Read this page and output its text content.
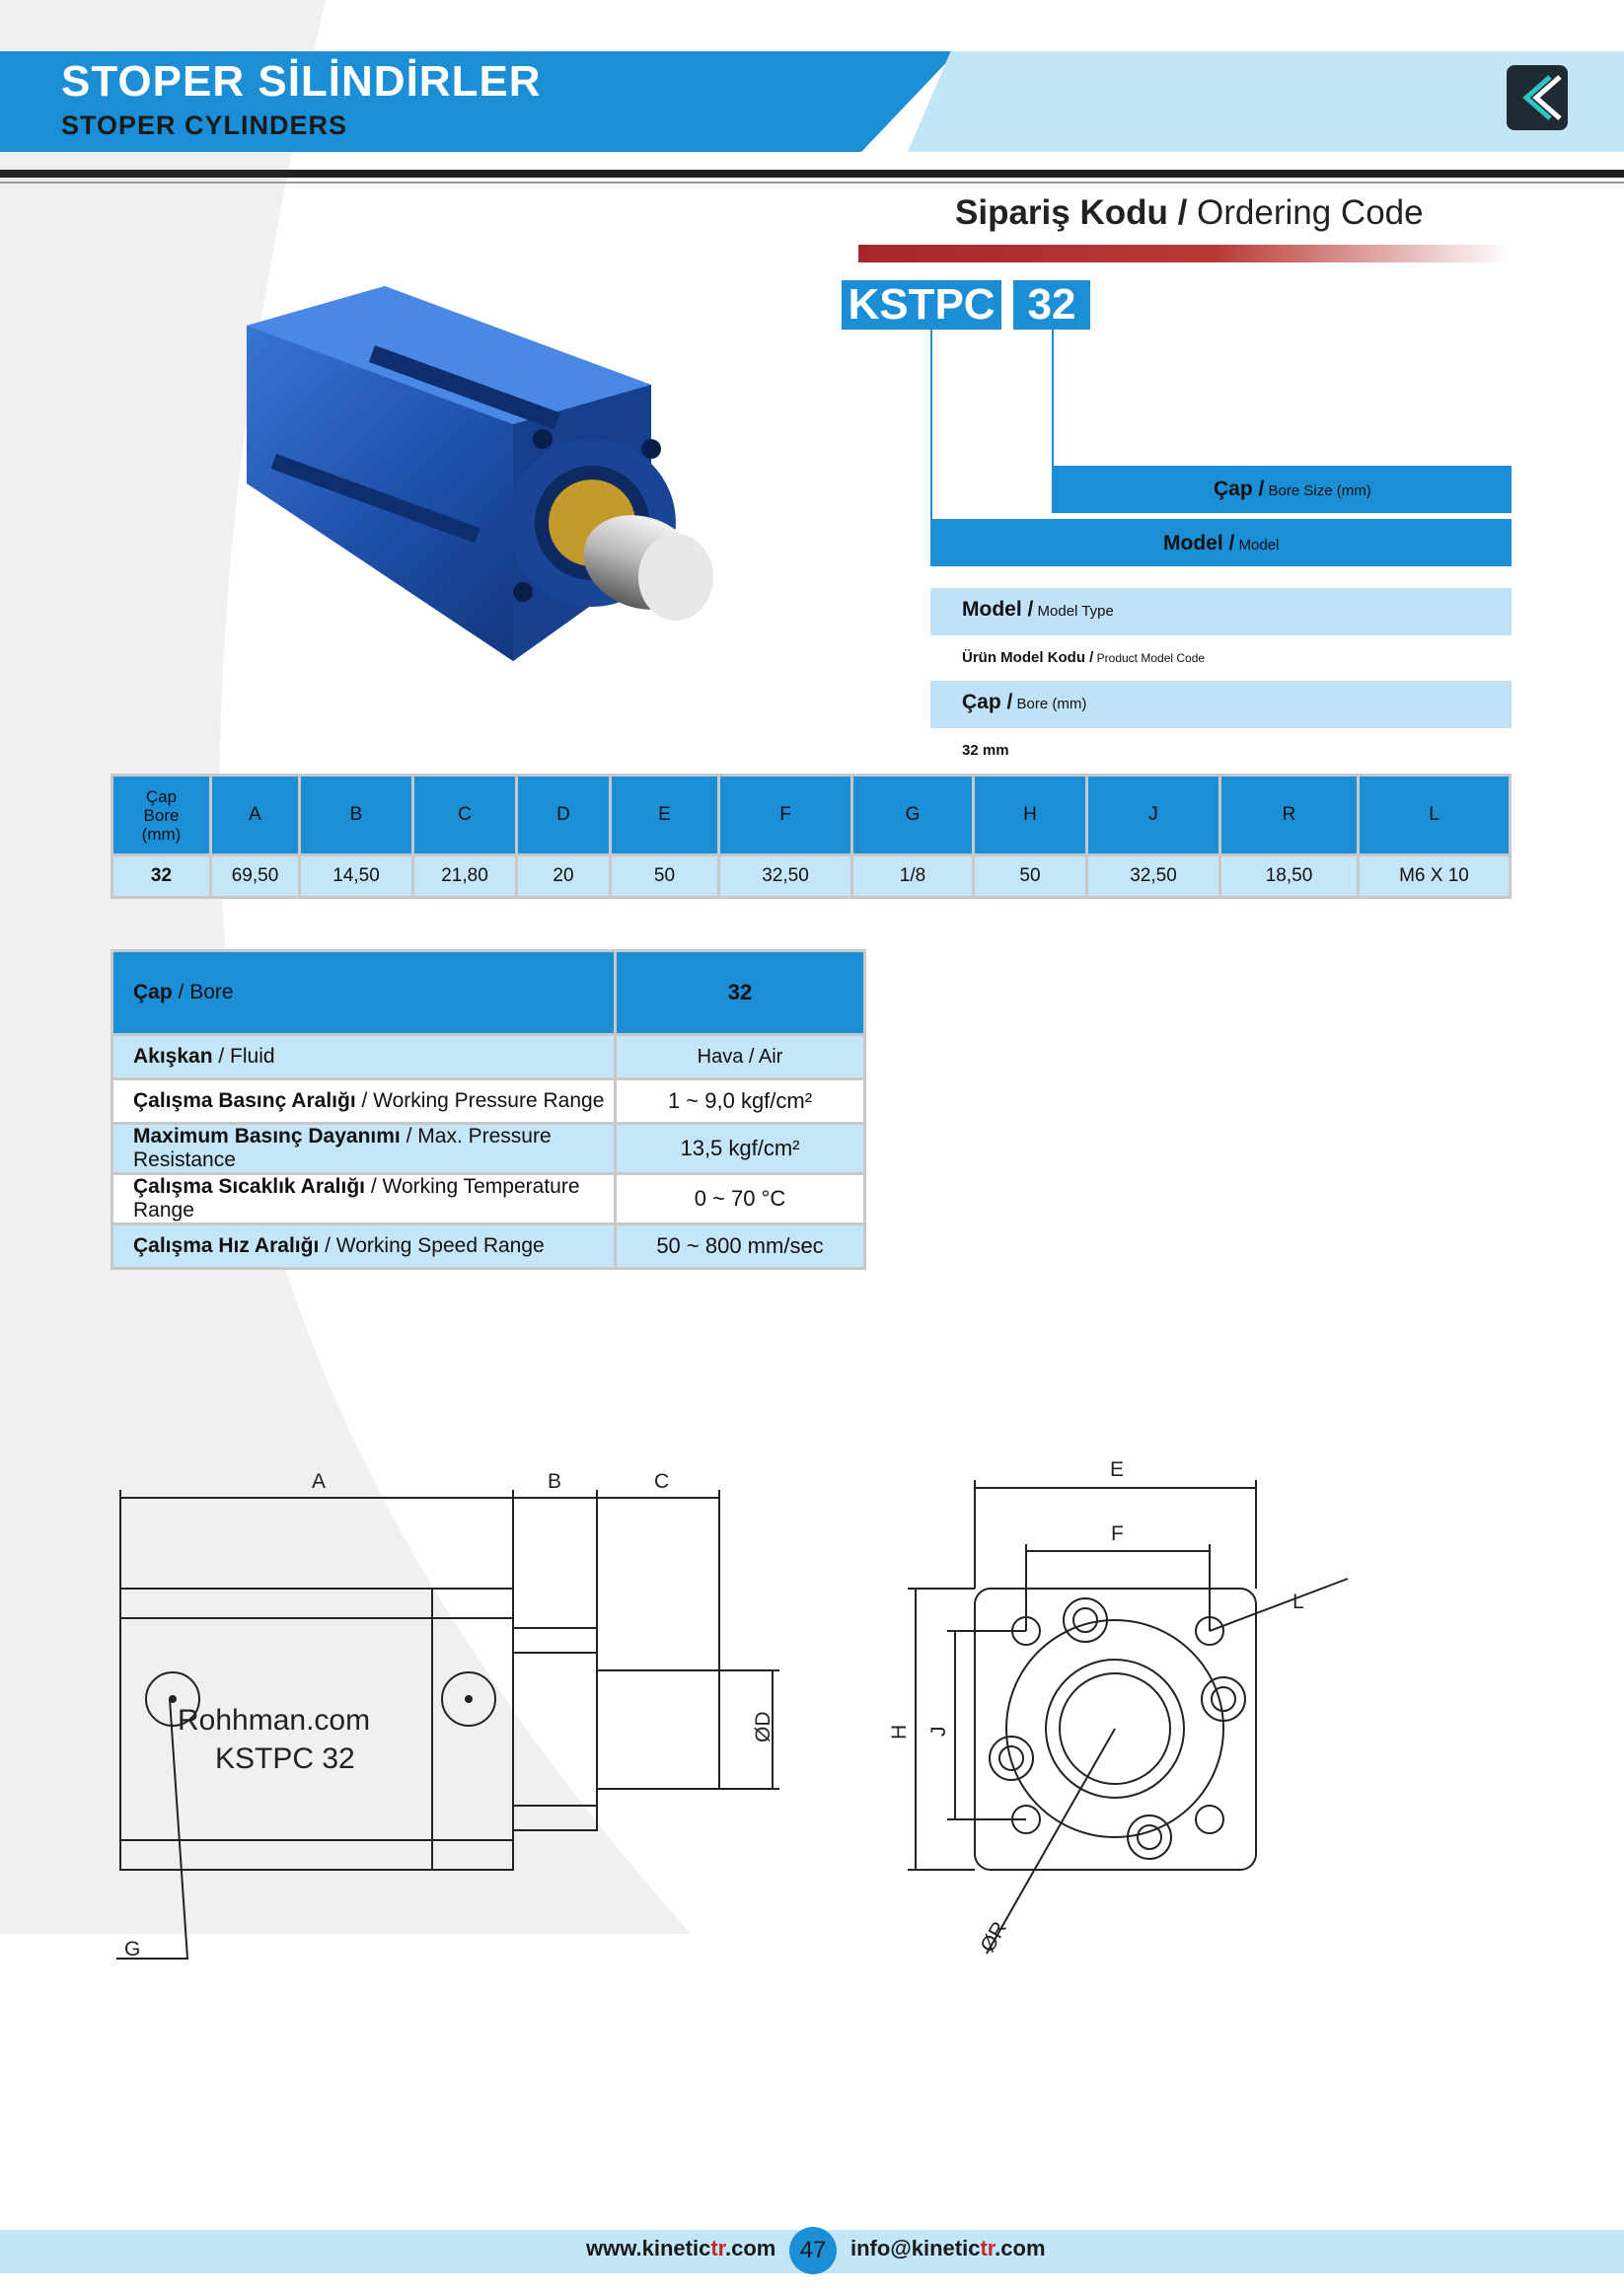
STOPER SİLİNDİRLER
STOPER CYLINDERS
Sipariş Kodu / Ordering Code
KSTPC 32
Çap / Bore Size (mm)
Model / Model
Model / Model Type
Ürün Model Kodu / Product Model Code
Çap / Bore (mm)
32 mm
Çap
Bore
(mm)	A	B	C	D	E	F	G	H	J	R	L
32	69,50	14,50	21,80	20	50	32,50	1/8	50	32,50	18,50	M6 X 10
Çap / Bore	32
Akışkan / Fluid	Hava / Air
Çalışma Basınç Aralığı / Working Pressure Range	1 ~ 9,0 kgf/cm²
Maximum Basınç Dayanımı / Max. Pressure Resistance	13,5 kgf/cm²
Çalışma Sıcaklık Aralığı / Working Temperature Range	0 ~ 70 °C
Çalışma Hız Aralığı / Working Speed Range	50 ~ 800 mm/sec
A	B	C
ØD
G
E
F
H J
L
ØR
Rohhman.com
KSTPC 32
www.kinetictr.com	47	info@kinetictr.com
